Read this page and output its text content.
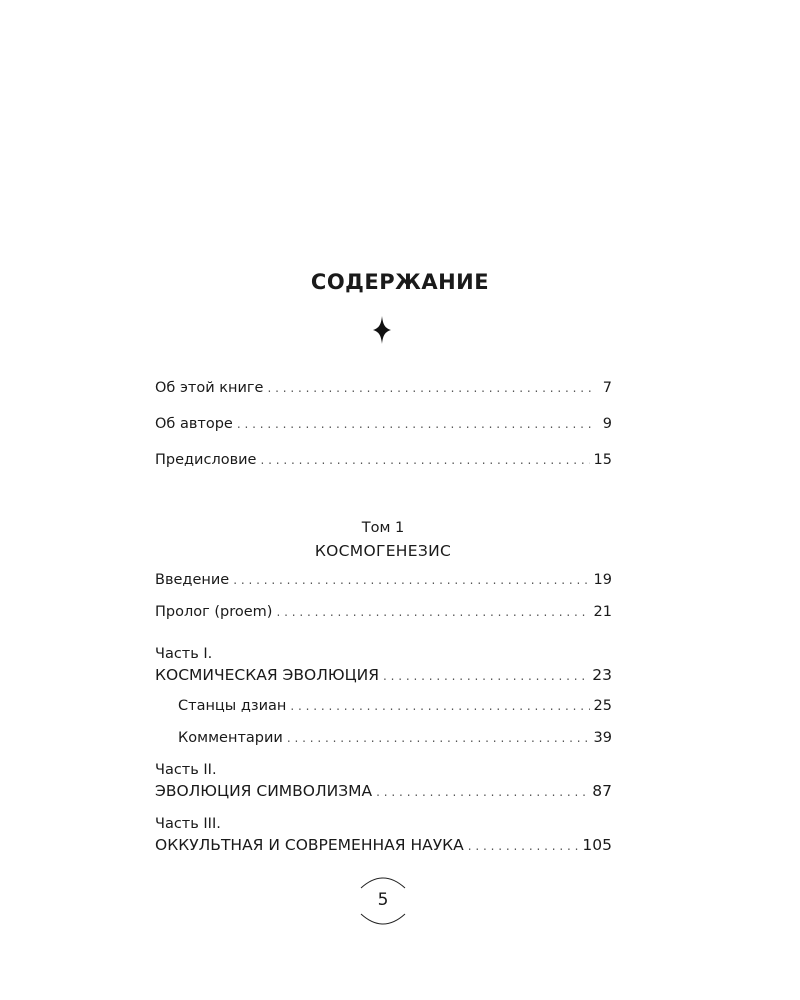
СОДЕРЖАНИЕ
Об этой книге . . .	7
Об авторе . . .	9
Предисловие . . .	15
Том 1
КОСМОГЕНЕЗИС
Введение . . .	19
Пролог (proem) . . .	21
Часть I.
КОСМИЧЕСКАЯ ЭВОЛЮЦИЯ . . .	23
Станцы дзиан . . .	25
Комментарии . . .	39
Часть II.
ЭВОЛЮЦИЯ СИМВОЛИЗМА . . .	87
Часть III.
ОККУЛЬТНАЯ И СОВРЕМЕННАЯ НАУКА . . .	105
5
